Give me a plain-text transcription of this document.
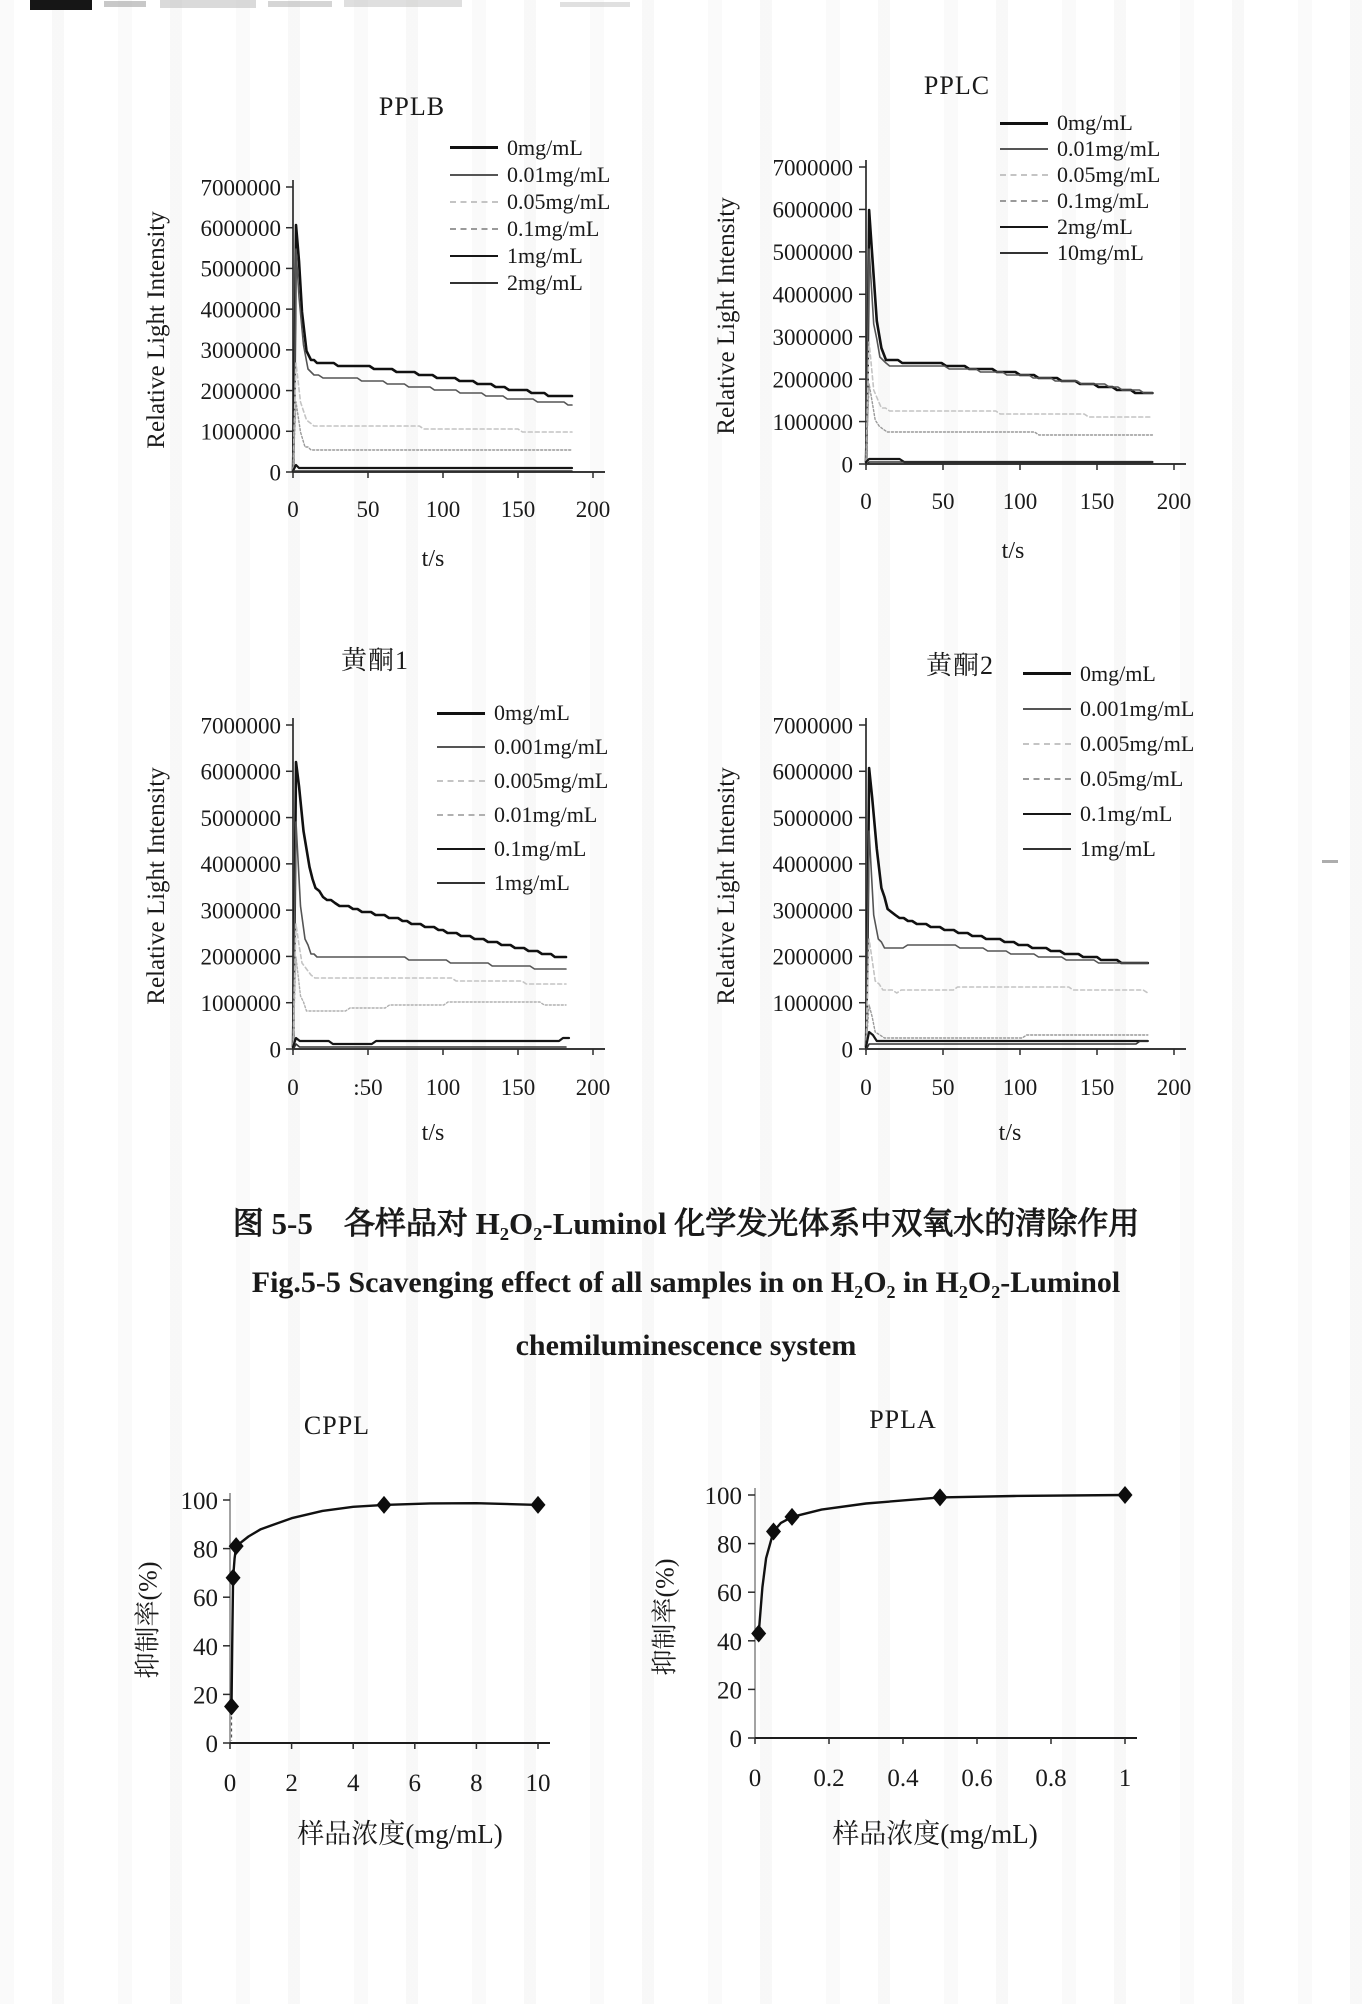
7000000
6000000
5000000
4000000
3000000
2000000
1000000
0
0	50 100 150 200
7000000
6000000
5000000
4000000
3000000
2000000
1000000
0
0	50 100 150 200
7000000
6000000
5000000
4000000
3000000
2000000
1000000
0
0 :50 100 150 200
7000000
6000000
5000000
4000000
3000000
2000000
1000000
0
0	50 100 150 200
100
80
60
40
20
0
0 2 4 6 8 10
100
80
60
40
20
0
0 0.2 0.4 0.6 0.8 1
PPLB
Relative Light Intensity
t/s
0mg/mL
0.01mg/mL
0.05mg/mL
0.1mg/mL
1mg/mL
2mg/mL
PPLC
Relative Light Intensity
t/s
0mg/mL
0.01mg/mL
0.05mg/mL
0.1mg/mL
2mg/mL
10mg/mL
黄酮1
Relative Light Intensity
t/s
0mg/mL
0.001mg/mL
0.005mg/mL
0.01mg/mL
0.1mg/mL
1mg/mL
黄酮2
Relative Light Intensity
t/s
0mg/mL
0.001mg/mL
0.005mg/mL
0.05mg/mL
0.1mg/mL
1mg/mL
图 5-5　各样品对 H₂O₂-Luminol 化学发光体系中双氧水的清除作用
Fig.5-5 Scavenging effect of all samples in on H₂O₂ in H₂O₂-Luminol
chemiluminescence system
CPPL
抑制率(%)
样品浓度(mg/mL)
PPLA
抑制率(%)
样品浓度(mg/mL)
